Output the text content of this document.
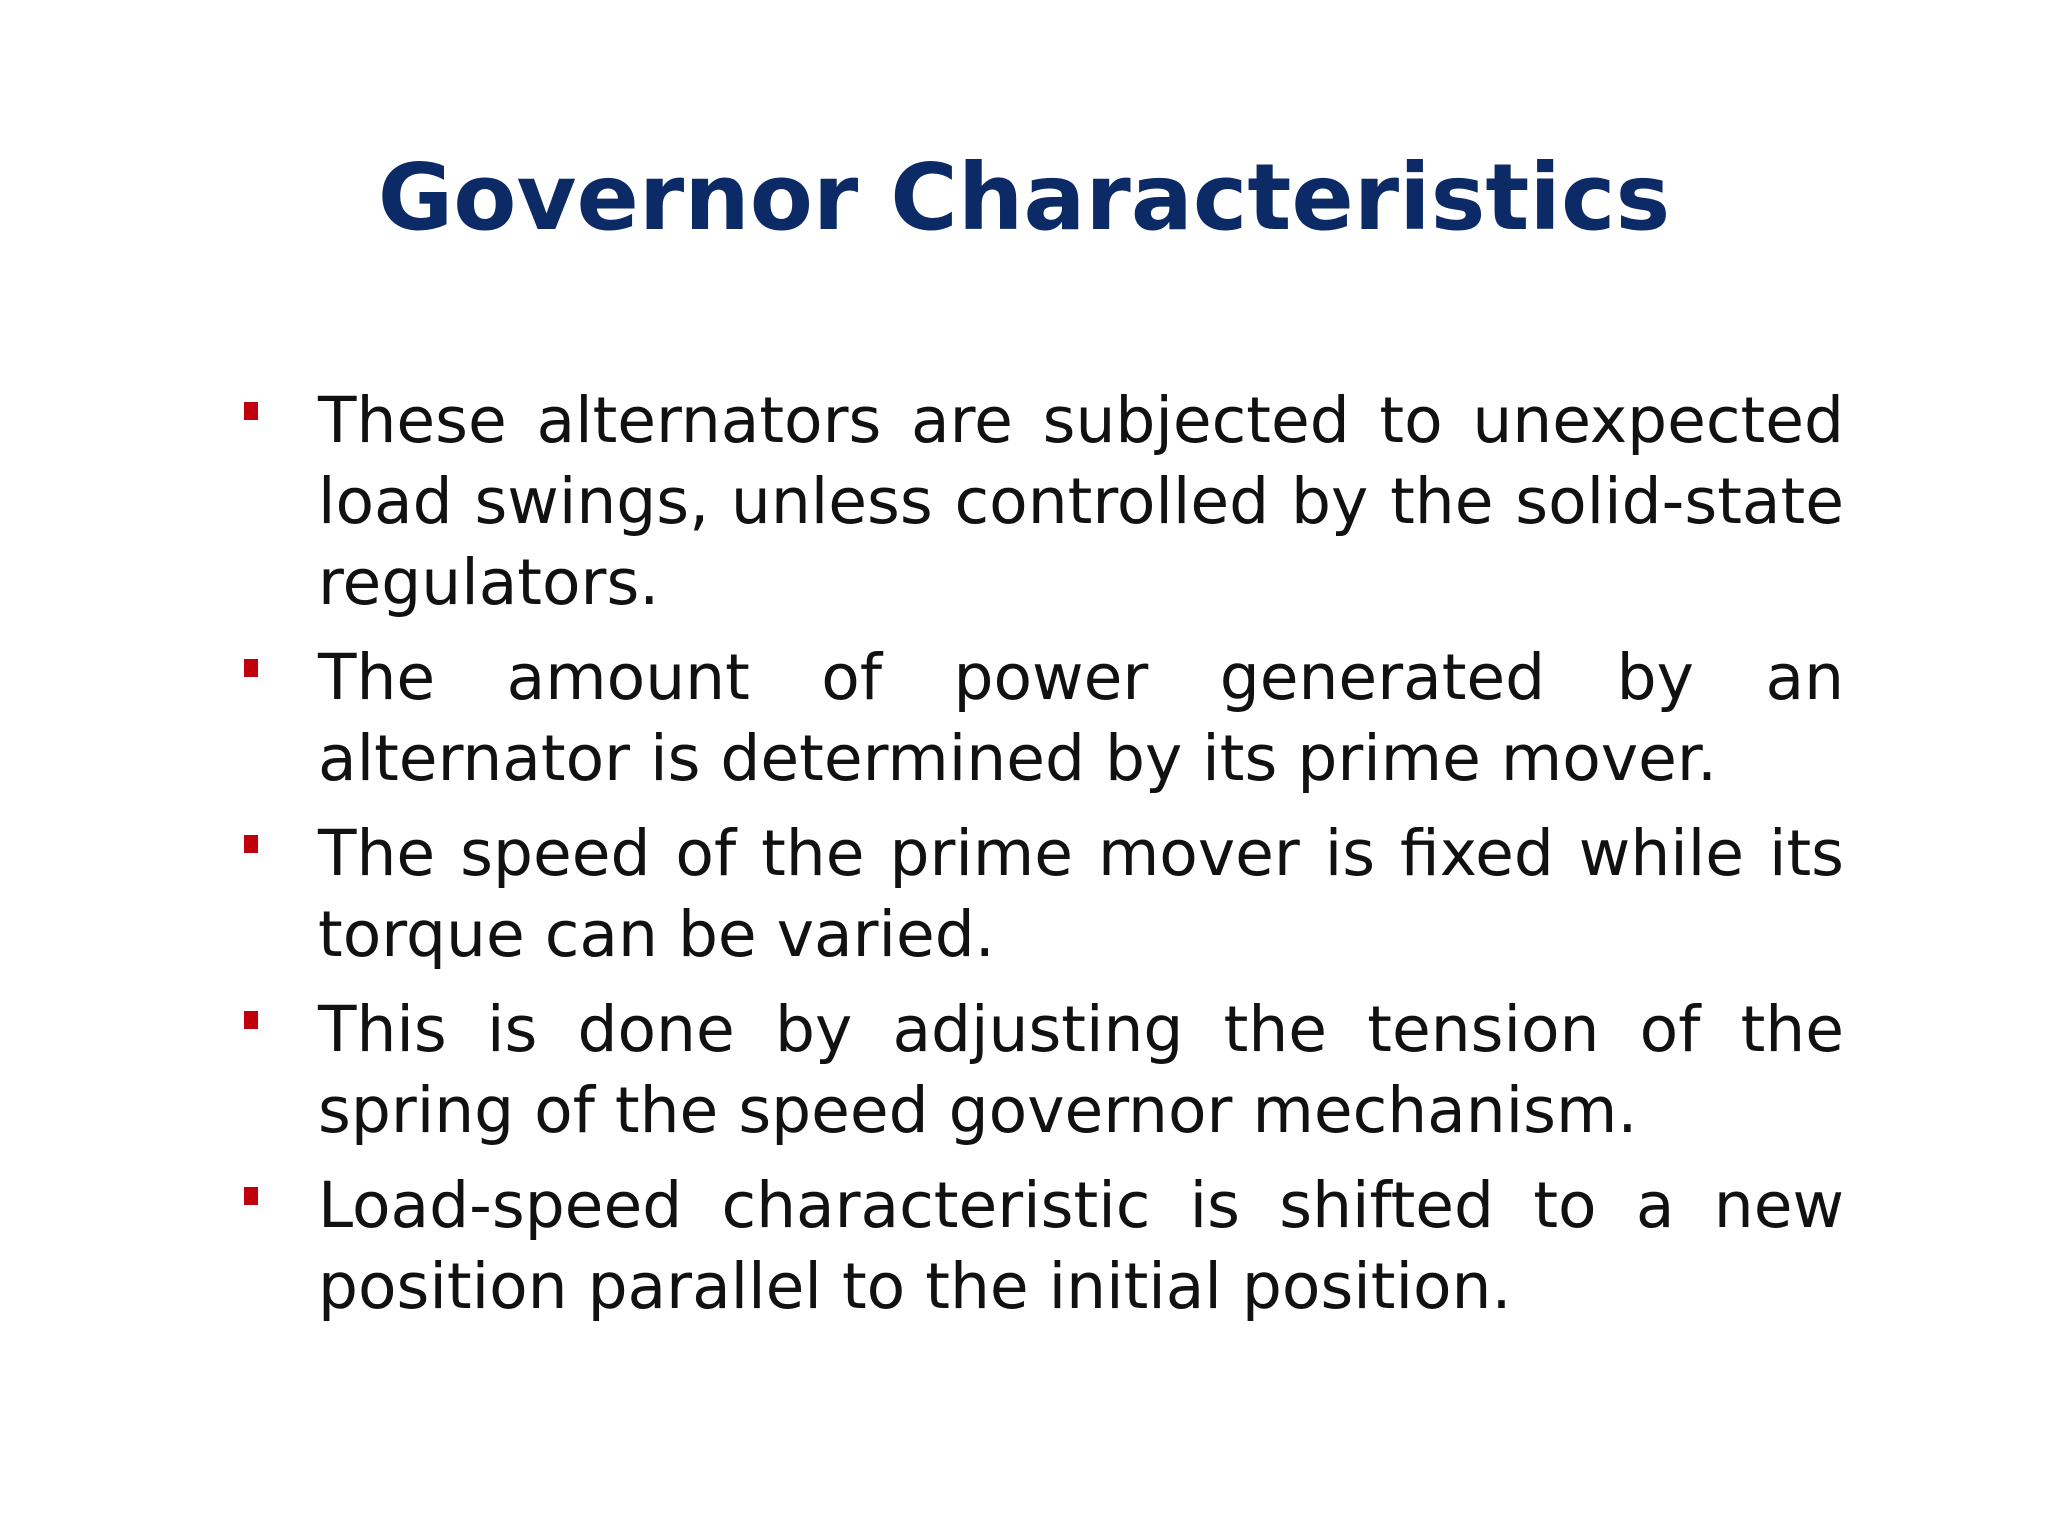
Governor Characteristics
These alternators are subjected to unexpected load swings, unless controlled by the solid-state regulators.
The amount of power generated by an alternator is determined by its prime mover.
The speed of the prime mover is fixed while its torque can be varied.
This is done by adjusting the tension of the spring of the speed governor mechanism.
Load-speed characteristic is shifted to a new position parallel to the initial position.
